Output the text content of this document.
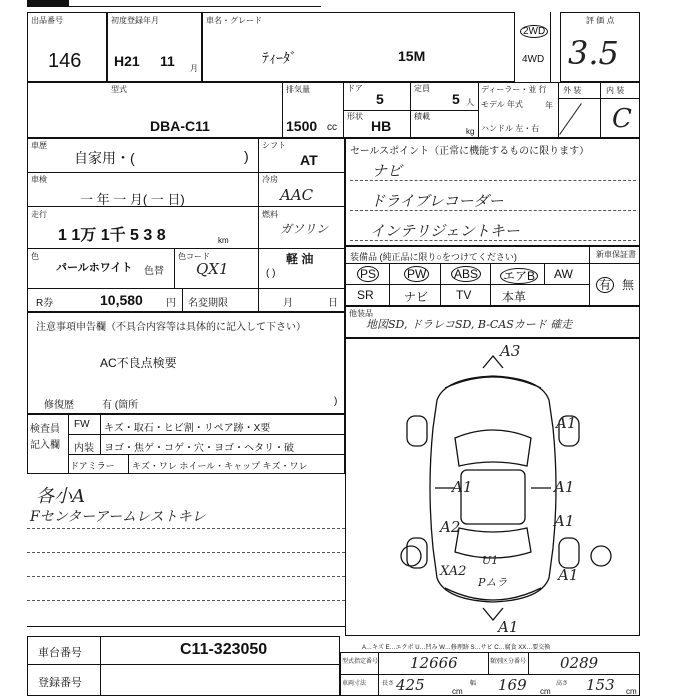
出品番号
146
初度登録年月
H21 11 月
車名・グレード
ﾃｨｰﾀﾞ	15M
2WD
4WD
評 価 点
3.5
型式
DBA-C11
排気量
1500 cc
ドア
5
形状
HB
定員
5 人
積載
kg
ディーラー・並 行
モデル 年式	年
ハンドル 左・右
外 装	内 装
C
車歴
自家用・(	)
シフト
AT
車検
一 年 一 月( 一 日)
冷房
AAC
走行
1 1万 1千 5 3 8	km
燃料
ガソリン
色
パールホワイト 色替
色コード
QX1
軽 油
( )
R券	10,580 円 名変期限	月	日
注意事項申告欄（不具合内容等は具体的に記入して下さい）
AC不良点検要
修復歴	有 (箇所	)
検査員
記入欄
FW キズ・取石・ヒビ割・リペア跡・X要
内装 ヨゴ・焦ゲ・コゲ・穴・ヨゴ・ヘタリ・破
ドアミラー キズ・ワレ ホイール・キャップ キズ・ワレ
各小A
Fセンターアームレストキレ
セールスポイント（正常に機能するものに限ります）
ナビ
ドライブレコーダー
インテリジェントキー
装備品 (純正品に限り○をつけてください)	新車保証書
PS	PW ABS エアB AW
SR	ナビ TV	本革
有 無
他装品
地図SD, ドラレコSD, B-CASカード 確走
A3
A1
A1	A1
A1
A2
U1
XA2
Pムラ	A1
A1
車台番号	C11-323050
登録番号
A…キズ E…エクボ U…凹み W…修理跡 S…サビ C…腐食 XX…要交換
型式指定番号 12666	類別区分番号 0289
車両寸法	長さ 425	cm
幅 169 cm
高さ 153 cm
